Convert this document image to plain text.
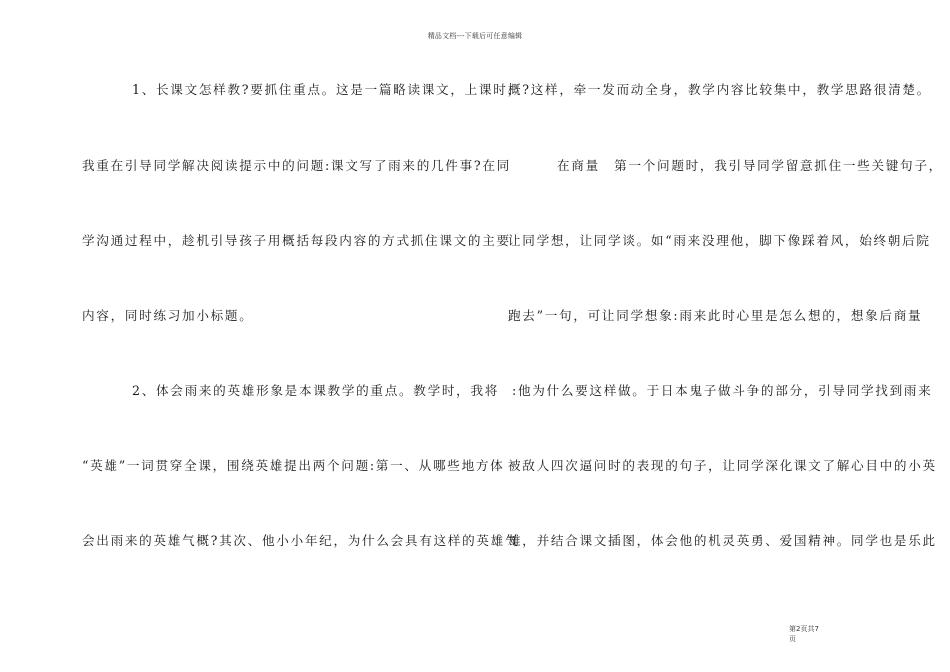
精品文档---下载后可任意编辑
1、长课文怎样教?要抓住重点。这是一篇略读课文，上课时，
我重在引导同学解决阅读提示中的问题:课文写了雨来的几件事?在同
学沟通过程中，趁机引导孩子用概括每段内容的方式抓住课文的主要
内容，同时练习加小标题。
2、体会雨来的英雄形象是本课教学的重点。教学时，我将
“英雄”一词贯穿全课，围绕英雄提出两个问题:第一、从哪些地方体
会出雨来的英雄气概?其次、他小小年纪，为什么会具有这样的英雄气
概?这样，牵一发而动全身，教学内容比较集中，教学思路很清楚。
在商量　第一个问题时，我引导同学留意抓住一些关键句子，
让同学想，让同学谈。如“雨来没理他，脚下像踩着风，始终朝后院
跑去”一句，可让同学想象:雨来此时心里是怎么想的，想象后商量
:他为什么要这样做。于日本鬼子做斗争的部分，引导同学找到雨来
被敌人四次逼问时的表现的句子，让同学深化课文了解心目中的小英
雄，并结合课文插图，体会他的机灵英勇、爱国精神。同学也是乐此
第2页共7
页
